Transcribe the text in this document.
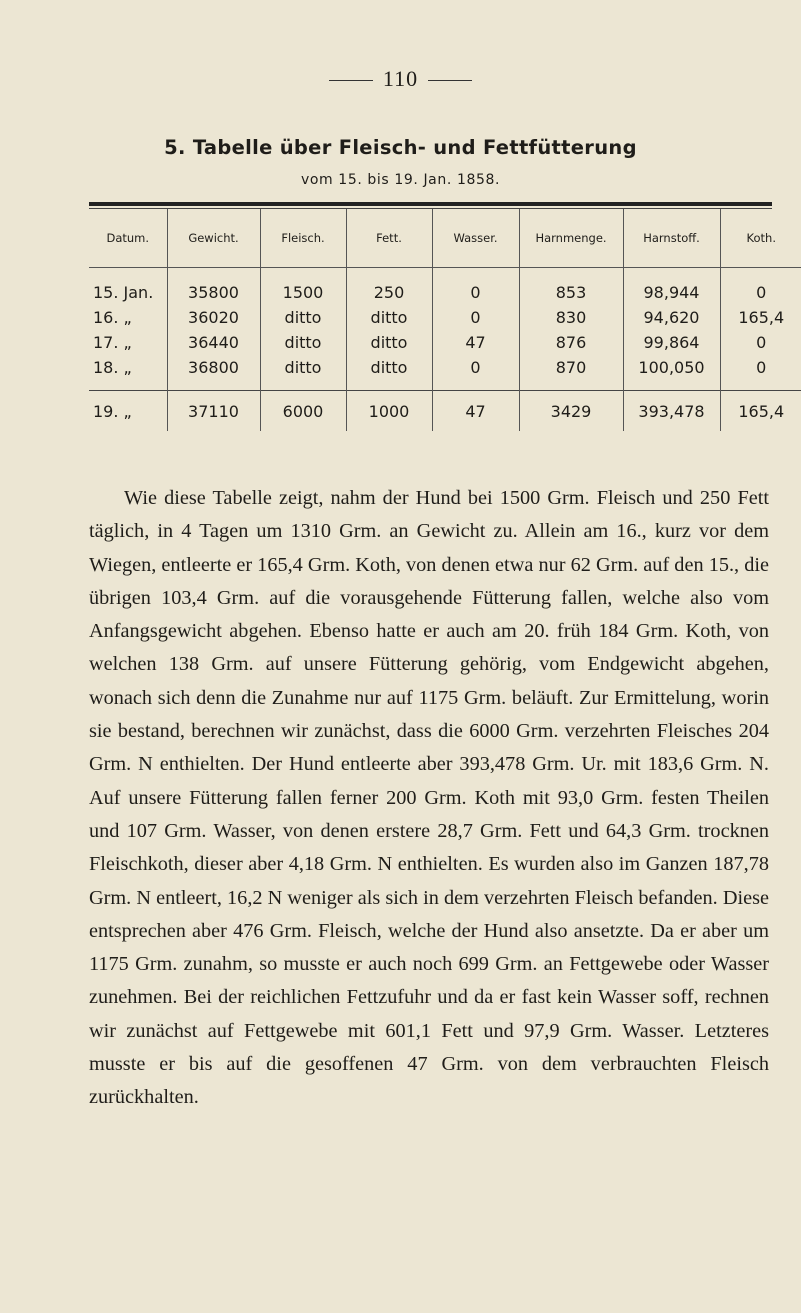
110
5. Tabelle über Fleisch- und Fettfütterung
vom 15. bis 19. Jan. 1858.
Datum.	Gewicht.	Fleisch.	Fett.	Wasser.	Harnmenge.	Harnstoff.	Koth.
15. Jan.	35800	1500	250	0	853	98,944	0
16. „	36020	ditto	ditto	0	830	94,620	165,4
17. „	36440	ditto	ditto	47	876	99,864	0
18. „	36800	ditto	ditto	0	870	100,050	0
19. „	37110	6000	1000	47	3429	393,478	165,4

Wie diese Tabelle zeigt, nahm der Hund bei 1500 Grm. Fleisch und 250 Fett täglich, in 4 Tagen um 1310 Grm. an Gewicht zu. Allein am 16., kurz vor dem Wiegen, entleerte er 165,4 Grm. Koth, von denen etwa nur 62 Grm. auf den 15., die übrigen 103,4 Grm. auf die vorausgehende Fütterung fallen, welche also vom Anfangsgewicht abgehen. Ebenso hatte er auch am 20. früh 184 Grm. Koth, von welchen 138 Grm. auf unsere Fütterung gehörig, vom Endgewicht abgehen, wonach sich denn die Zunahme nur auf 1175 Grm. beläuft. Zur Ermittelung, worin sie bestand, berechnen wir zunächst, dass die 6000 Grm. verzehrten Fleisches 204 Grm. N enthielten. Der Hund entleerte aber 393,478 Grm. Ur. mit 183,6 Grm. N. Auf unsere Fütterung fallen ferner 200 Grm. Koth mit 93,0 Grm. festen Theilen und 107 Grm. Wasser, von denen erstere 28,7 Grm. Fett und 64,3 Grm. trocknen Fleischkoth, dieser aber 4,18 Grm. N enthielten. Es wurden also im Ganzen 187,78 Grm. N entleert, 16,2 N weniger als sich in dem verzehrten Fleisch befanden. Diese entsprechen aber 476 Grm. Fleisch, welche der Hund also ansetzte. Da er aber um 1175 Grm. zunahm, so musste er auch noch 699 Grm. an Fettgewebe oder Wasser zunehmen. Bei der reichlichen Fettzufuhr und da er fast kein Wasser soff, rechnen wir zunächst auf Fettgewebe mit 601,1 Fett und 97,9 Grm. Wasser. Letzteres musste er bis auf die gesoffenen 47 Grm. von dem verbrauchten Fleisch zurückhalten.
